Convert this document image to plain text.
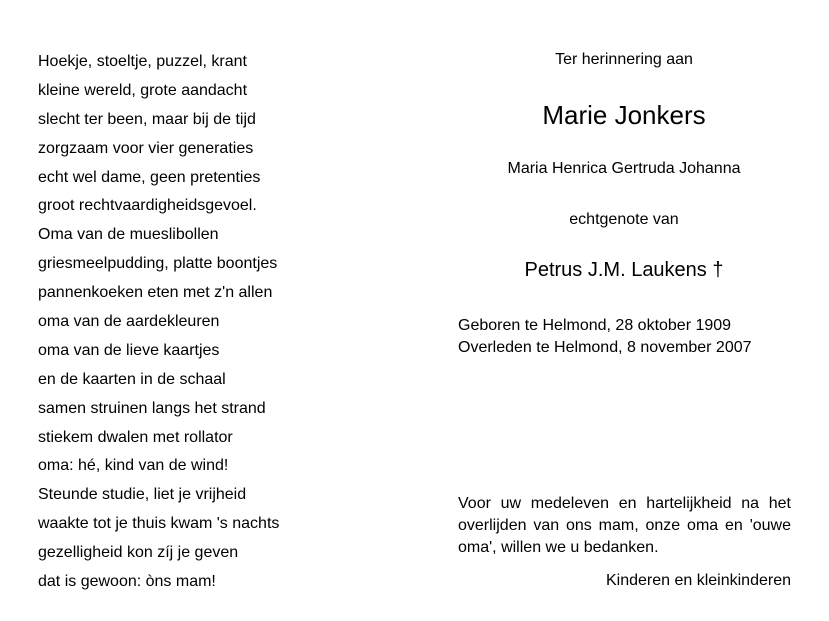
Hoekje, stoeltje, puzzel, krant
kleine wereld, grote aandacht
slecht ter been, maar bij de tijd
zorgzaam voor vier generaties
echt wel dame, geen pretenties
groot rechtvaardigheidsgevoel.
Oma van de mueslibollen
griesmeelpudding, platte boontjes
pannenkoeken eten met z'n allen
oma van de aardekleuren
oma van de lieve kaartjes
en de kaarten in de schaal
samen struinen langs het strand
stiekem dwalen met rollator
oma: hé, kind van de wind!
Steunde studie, liet je vrijheid
waakte tot je thuis kwam 's nachts
gezelligheid kon zíj je geven
dat is gewoon: òns mam!
Ter herinnering aan
Marie Jonkers
Maria Henrica Gertruda Johanna
echtgenote van
Petrus J.M. Laukens †
Geboren te Helmond, 28 oktober 1909
Overleden te Helmond, 8 november 2007
Voor uw medeleven en hartelijkheid na het overlijden van ons mam, onze oma en 'ouwe oma', willen we u bedanken.
Kinderen en kleinkinderen
